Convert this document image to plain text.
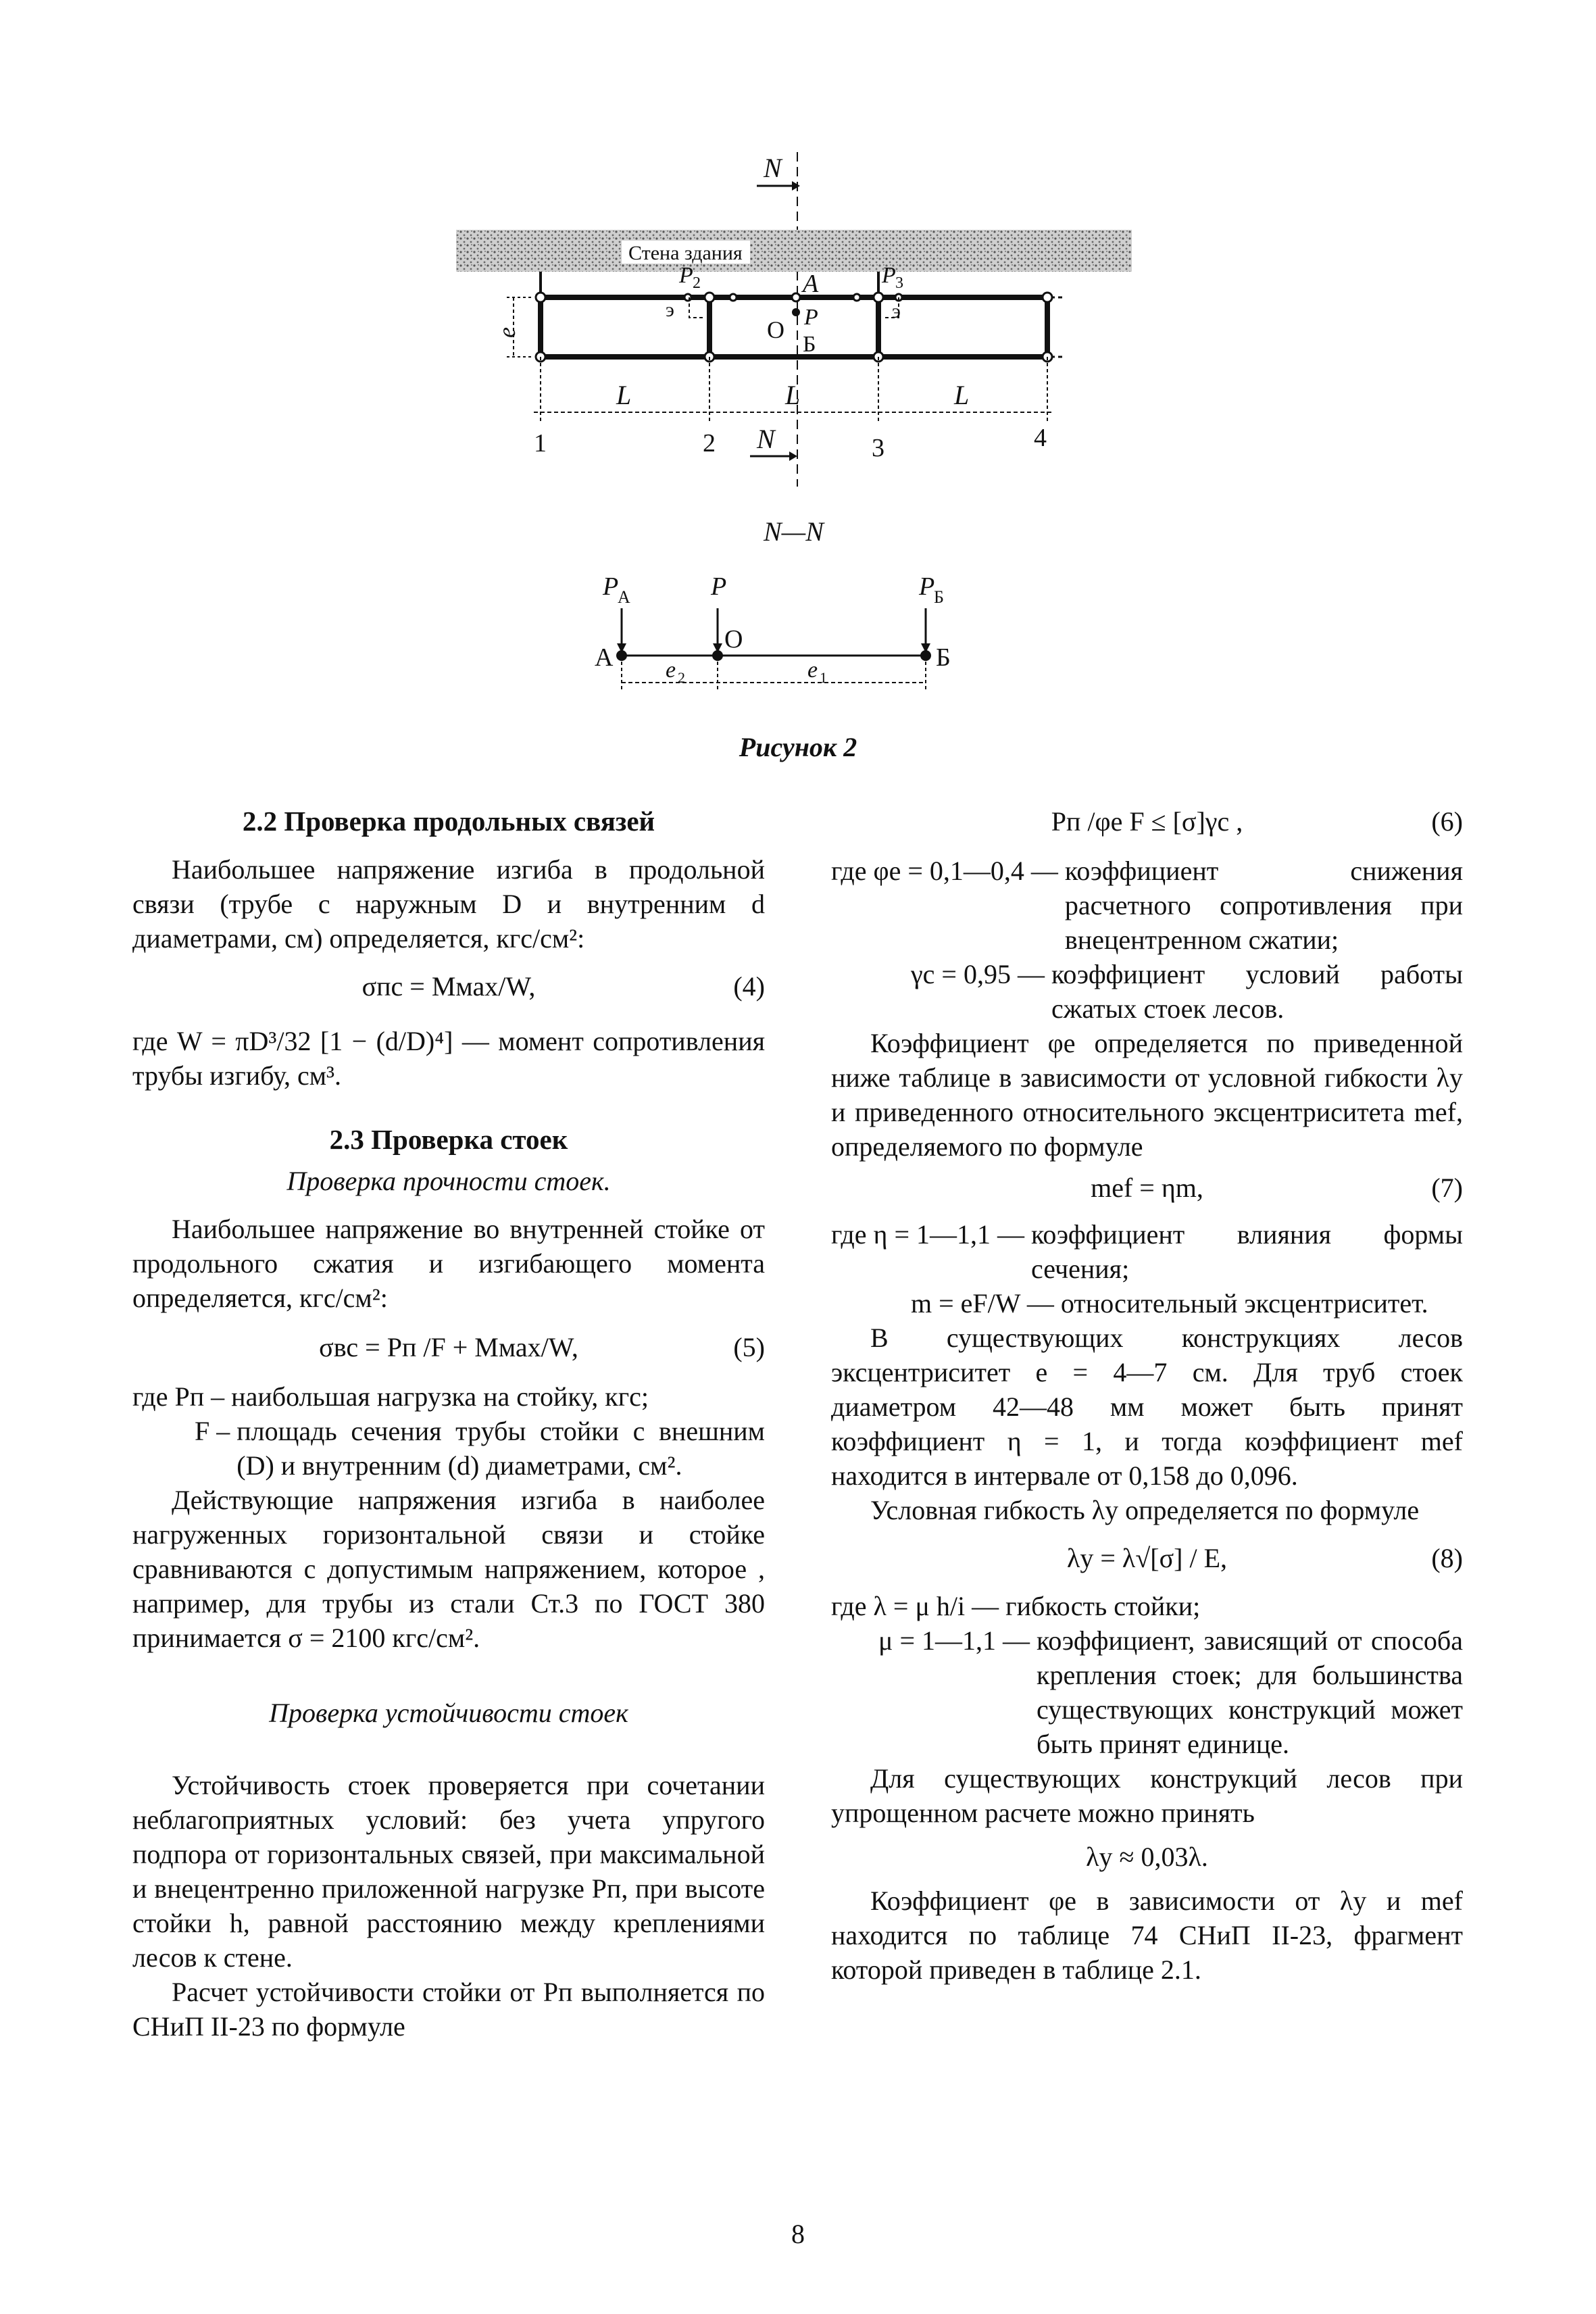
N
Стена здания
P 2	P 3
А
P
О
Б
э	э
e
L	L	L
1	2	3	4
N
N—N
P
А	P	P
Б
А
О
Б
e 2	e 1
Рисунок 2

2.2 Проверка продольных связей

Наибольшее напряжение изгиба в продольной связи (трубе с наружным D и внутренним d диаметрами, см) определяется, кгс/см²:

σпс = Mмах/W,	(4)

где W = πD³/32 [1 − (d/D)⁴] — момент сопротивления трубы изгибу, см³.

2.3 Проверка стоек

Проверка прочности стоек.

Наибольшее напряжение во внутренней стойке от продольного сжатия и изгибающего момента определяется, кгс/см²:

σвс = Pп /F + Mмах/W,	(5)

где Pп –
наибольшая нагрузка на стойку, кгс;
F –
площадь сечения трубы стойки с внешним (D) и внутренним (d) диаметрами, см².

Действующие напряжения изгиба в наиболее нагруженных горизонтальной связи и стойке сравниваются с допустимым напряжением, которое , например, для трубы из стали Ст.3 по ГОСТ 380 принимается σ = 2100 кгс/см².

Проверка устойчивости стоек

Устойчивость стоек проверяется при сочетании неблагоприятных условий: без учета упругого подпора от горизонтальных связей, при максимальной и внецентренно приложенной нагрузке Pп, при высоте стойки h, равной расстоянию между креплениями лесов к стене.

Расчет устойчивости стойки от Pп выполняется по СНиП II-23 по формуле

Pп /φe F ≤ [σ]γc ,	(6)

где φe = 0,1—0,4 —
коэффициент снижения расчетного сопротивления при внецентренном сжатии;
γc = 0,95 —
коэффициент условий работы сжатых стоек лесов.

Коэффициент φe определяется по приведенной ниже таблице в зависимости от условной гибкости λy и приведенного относительного эксцентриситета mef, определяемого по формуле

mef = ηm,	(7)

где η = 1—1,1 —
коэффициент влияния формы сечения;
m = eF/W —
относительный эксцентриситет.

В существующих конструкциях лесов эксцентриситет e = 4—7 см. Для труб стоек диаметром 42—48 мм может быть принят коэффициент η = 1, и тогда коэффициент mef находится в интервале от 0,158 до 0,096.

Условная гибкость λy определяется по формуле

λy = λ√[σ] / E,	(8)

где λ = μ h/i —
гибкость стойки;
μ = 1—1,1 —
коэффициент, зависящий от способа крепления стоек; для большинства существующих конструкций может быть принят единице.

Для существующих конструкций лесов при упрощенном расчете можно принять

λy ≈ 0,03λ.

Коэффициент φe в зависимости от λy и mef находится по таблице 74 СНиП II-23, фрагмент которой приведен в таблице 2.1.

8
